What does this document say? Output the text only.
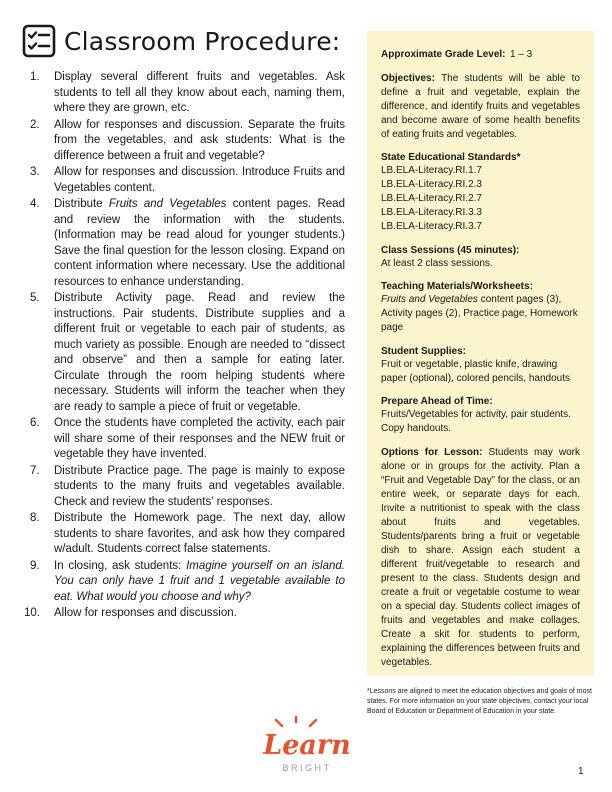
Classroom Procedure:
1.	Display several different fruits and vegetables. Ask students to tell all they know about each, naming them, where they are grown, etc.
2.	Allow for responses and discussion. Separate the fruits from the vegetables, and ask students: What is the difference between a fruit and vegetable?
3.	Allow for responses and discussion. Introduce Fruits and Vegetables content.
4.	Distribute Fruits and Vegetables content pages. Read and review the information with the students. (Information may be read aloud for younger students.) Save the final question for the lesson closing. Expand on content information where necessary. Use the additional resources to enhance understanding.
5.	Distribute Activity page. Read and review the instructions. Pair students. Distribute supplies and a different fruit or vegetable to each pair of students, as much variety as possible. Enough are needed to “dissect and observe” and then a sample for eating later. Circulate through the room helping students where necessary. Students will inform the teacher when they are ready to sample a piece of fruit or vegetable.
6.	Once the students have completed the activity, each pair will share some of their responses and the NEW fruit or vegetable they have invented.
7.	Distribute Practice page. The page is mainly to expose students to the many fruits and vegetables available. Check and review the students’ responses.
8.	Distribute the Homework page. The next day, allow students to share favorites, and ask how they compared w/adult. Students correct false statements.
9.	In closing, ask students: Imagine yourself on an island. You can only have 1 fruit and 1 vegetable available to eat. What would you choose and why?
10.	Allow for responses and discussion.
Approximate Grade Level: 1 – 3
Objectives: The students will be able to define a fruit and vegetable, explain the difference, and identify fruits and vegetables and become aware of some health benefits of eating fruits and vegetables.
State Educational Standards*
LB.ELA-Literacy.RI.1.7
LB.ELA-Literacy.RI.2.3
LB.ELA-Literacy.RI.2.7
LB.ELA-Literacy.RI.3.3
LB.ELA-Literacy.RI.3.7
Class Sessions (45 minutes):
At least 2 class sessions.
Teaching Materials/Worksheets:
Fruits and Vegetables content pages (3), Activity pages (2), Practice page, Homework page
Student Supplies:
Fruit or vegetable, plastic knife, drawing paper (optional), colored pencils, handouts
Prepare Ahead of Time:
Fruits/Vegetables for activity, pair students.
Copy handouts.
Options for Lesson: Students may work alone or in groups for the activity. Plan a “Fruit and Vegetable Day” for the class, or an entire week, or separate days for each. Invite a nutritionist to speak with the class about fruits and vegetables. Students/parents bring a fruit or vegetable dish to share. Assign each student a different fruit/vegetable to research and present to the class. Students design and create a fruit or vegetable costume to wear on a special day. Students collect images of fruits and vegetables and make collages. Create a skit for students to perform, explaining the differences between fruits and vegetables.
*Lessons are aligned to meet the education objectives and goals of most states. For more information on your state objectives, contact your local Board of Education or Department of Education in your state.
Learn
BRIGHT	1
